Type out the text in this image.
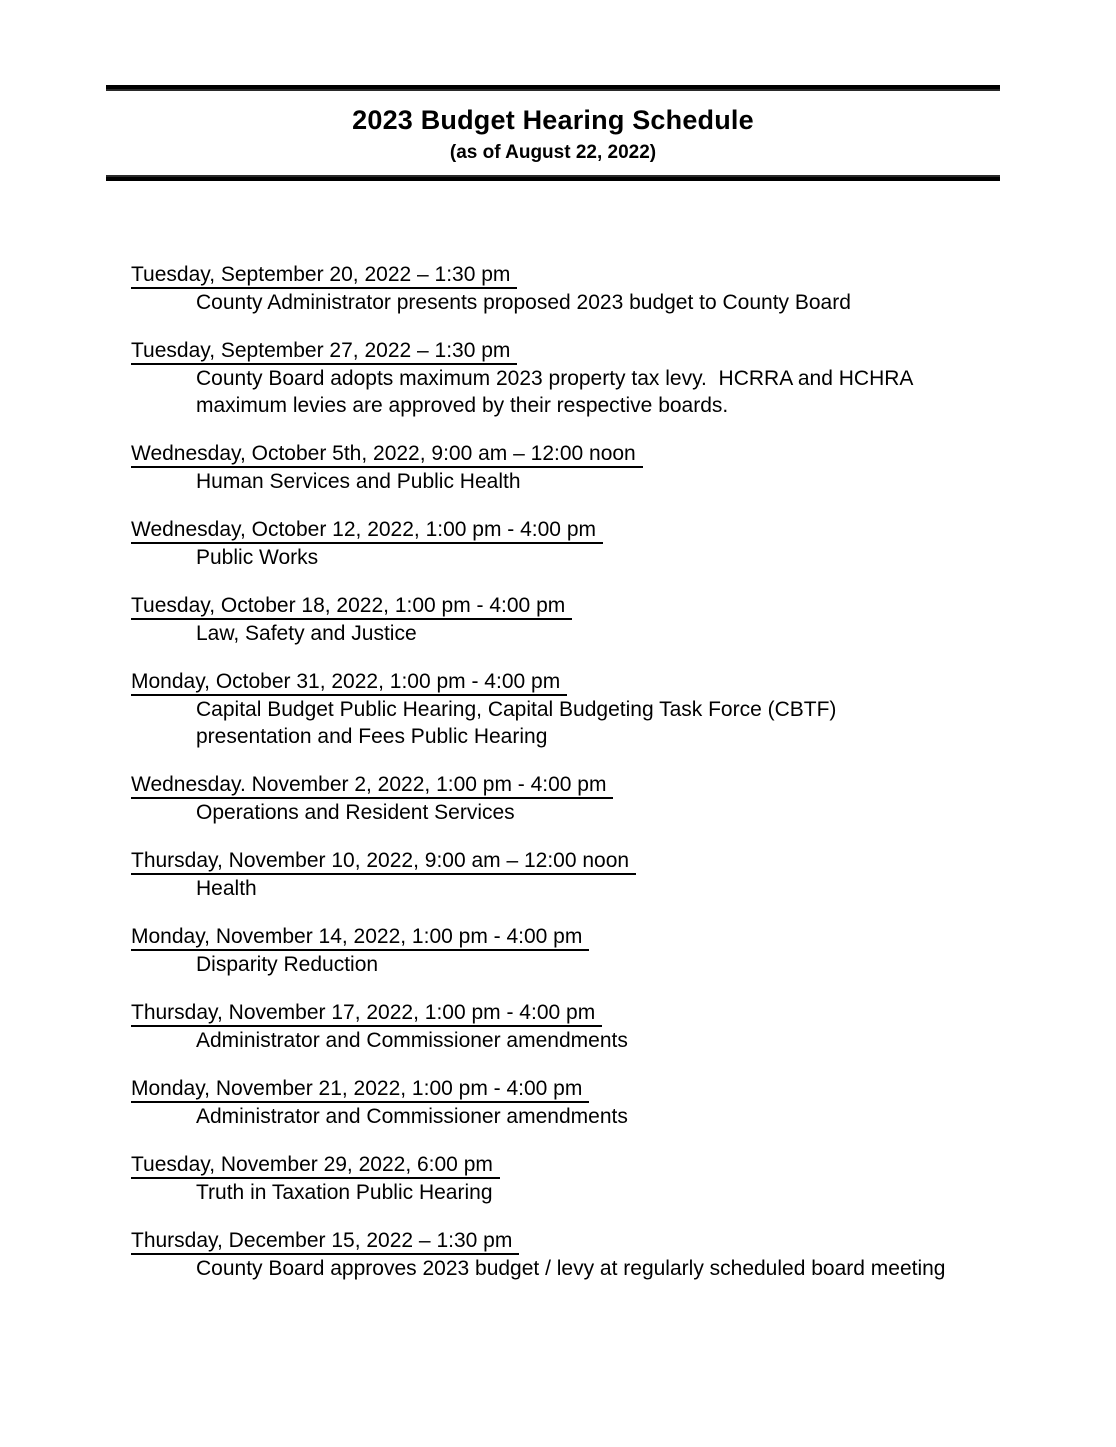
2023 Budget Hearing Schedule
(as of August 22, 2022)
Tuesday, September 20, 2022 – 1:30 pm
County Administrator presents proposed 2023 budget to County Board
Tuesday, September 27, 2022 – 1:30 pm
County Board adopts maximum 2023 property tax levy.  HCRRA and HCHRA
maximum levies are approved by their respective boards.
Wednesday, October 5th, 2022, 9:00 am – 12:00 noon
Human Services and Public Health
Wednesday, October 12, 2022, 1:00 pm - 4:00 pm
Public Works
Tuesday, October 18, 2022, 1:00 pm - 4:00 pm
Law, Safety and Justice
Monday, October 31, 2022, 1:00 pm - 4:00 pm
Capital Budget Public Hearing, Capital Budgeting Task Force (CBTF)
presentation and Fees Public Hearing
Wednesday. November 2, 2022, 1:00 pm - 4:00 pm
Operations and Resident Services
Thursday, November 10, 2022, 9:00 am – 12:00 noon
Health
Monday, November 14, 2022, 1:00 pm - 4:00 pm
Disparity Reduction
Thursday, November 17, 2022, 1:00 pm - 4:00 pm
Administrator and Commissioner amendments
Monday, November 21, 2022, 1:00 pm - 4:00 pm
Administrator and Commissioner amendments
Tuesday, November 29, 2022, 6:00 pm
Truth in Taxation Public Hearing
Thursday, December 15, 2022 – 1:30 pm
County Board approves 2023 budget / levy at regularly scheduled board meeting
